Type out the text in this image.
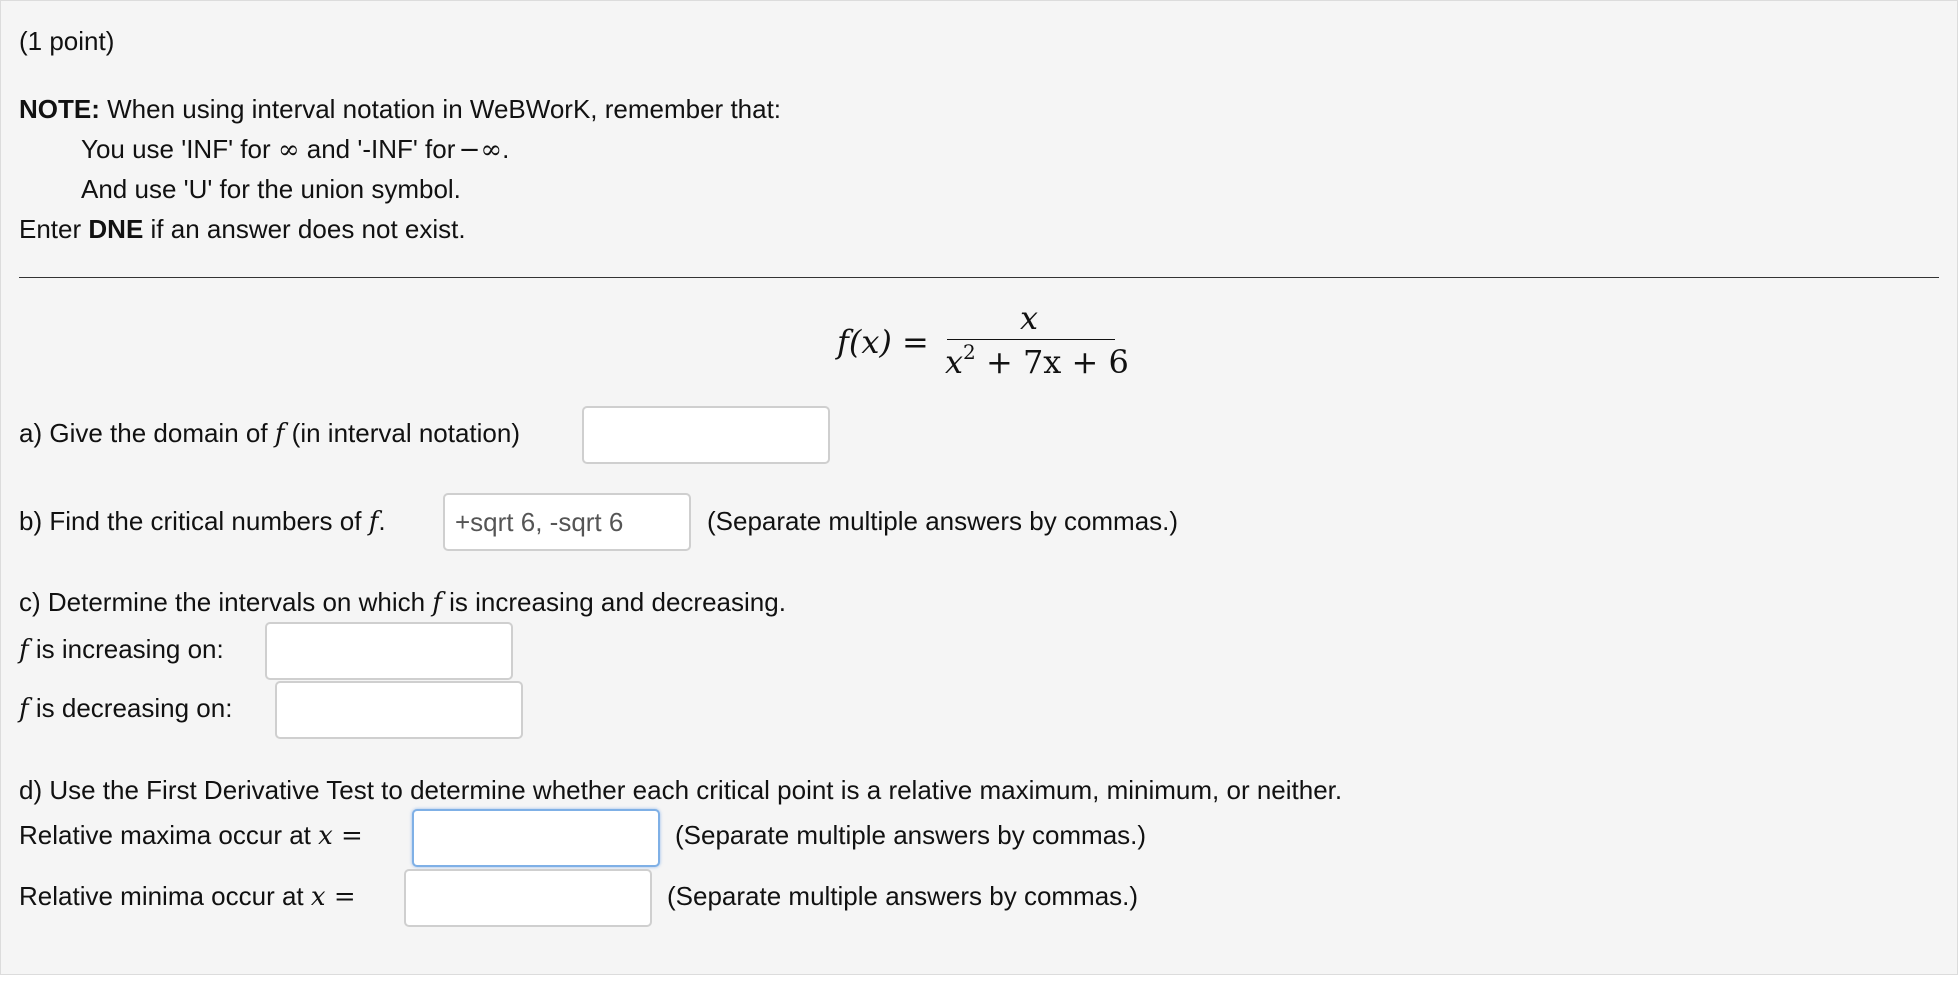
(1 point)
NOTE: When using interval notation in WeBWorK, remember that:
You use 'INF' for ∞ and '-INF' for −∞.
And use 'U' for the union symbol.
Enter DNE if an answer does not exist.
f(x) =
x
$x^2 + 7x + 6$
a) Give the domain of f (in interval notation)
b) Find the critical numbers of f.
+sqrt 6, -sqrt 6	(Separate multiple answers by commas.)
c) Determine the intervals on which f is increasing and decreasing.
f is increasing on:
f is decreasing on:
d) Use the First Derivative Test to determine whether each critical point is a relative maximum, minimum, or neither.
Relative maxima occur at x =	(Separate multiple answers by commas.)
Relative minima occur at x =	(Separate multiple answers by commas.)
